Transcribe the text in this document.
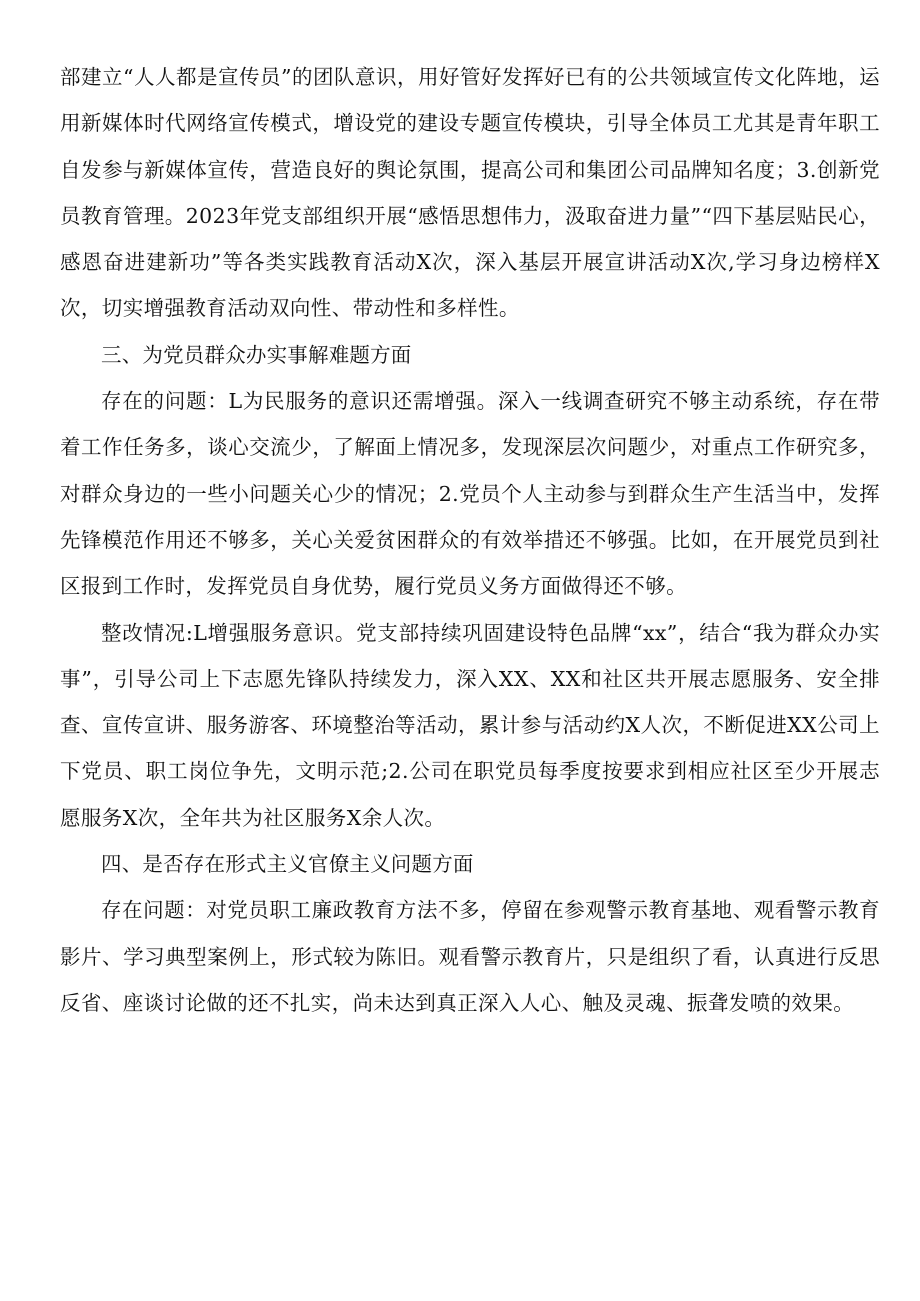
部建立“人人都是宣传员”的团队意识，用好管好发挥好已有的公共领域宣传文化阵地，运用新媒体时代网络宣传模式，增设党的建设专题宣传模块，引导全体员工尤其是青年职工自发参与新媒体宣传，营造良好的舆论氛围，提高公司和集团公司品牌知名度；3.创新党员教育管理。2023年党支部组织开展“感悟思想伟力，汲取奋进力量”“四下基层贴民心，感恩奋进建新功”等各类实践教育活动X次，深入基层开展宣讲活动X次,学习身边榜样X次，切实增强教育活动双向性、带动性和多样性。

三、为党员群众办实事解难题方面

存在的问题：L为民服务的意识还需增强。深入一线调查研究不够主动系统，存在带着工作任务多，谈心交流少，了解面上情况多，发现深层次问题少，对重点工作研究多，对群众身边的一些小问题关心少的情况；2.党员个人主动参与到群众生产生活当中，发挥先锋模范作用还不够多，关心关爱贫困群众的有效举措还不够强。比如，在开展党员到社区报到工作时，发挥党员自身优势，履行党员义务方面做得还不够。

整改情况:L增强服务意识。党支部持续巩固建设特色品牌“xx”，结合“我为群众办实事”，引导公司上下志愿先锋队持续发力，深入XX、XX和社区共开展志愿服务、安全排查、宣传宣讲、服务游客、环境整治等活动，累计参与活动约X人次，不断促进XX公司上下党员、职工岗位争先，文明示范;2.公司在职党员每季度按要求到相应社区至少开展志愿服务X次，全年共为社区服务X余人次。

四、是否存在形式主义官僚主义问题方面

存在问题：对党员职工廉政教育方法不多，停留在参观警示教育基地、观看警示教育影片、学习典型案例上，形式较为陈旧。观看警示教育片，只是组织了看，认真进行反思反省、座谈讨论做的还不扎实，尚未达到真正深入人心、触及灵魂、振聋发喷的效果。
